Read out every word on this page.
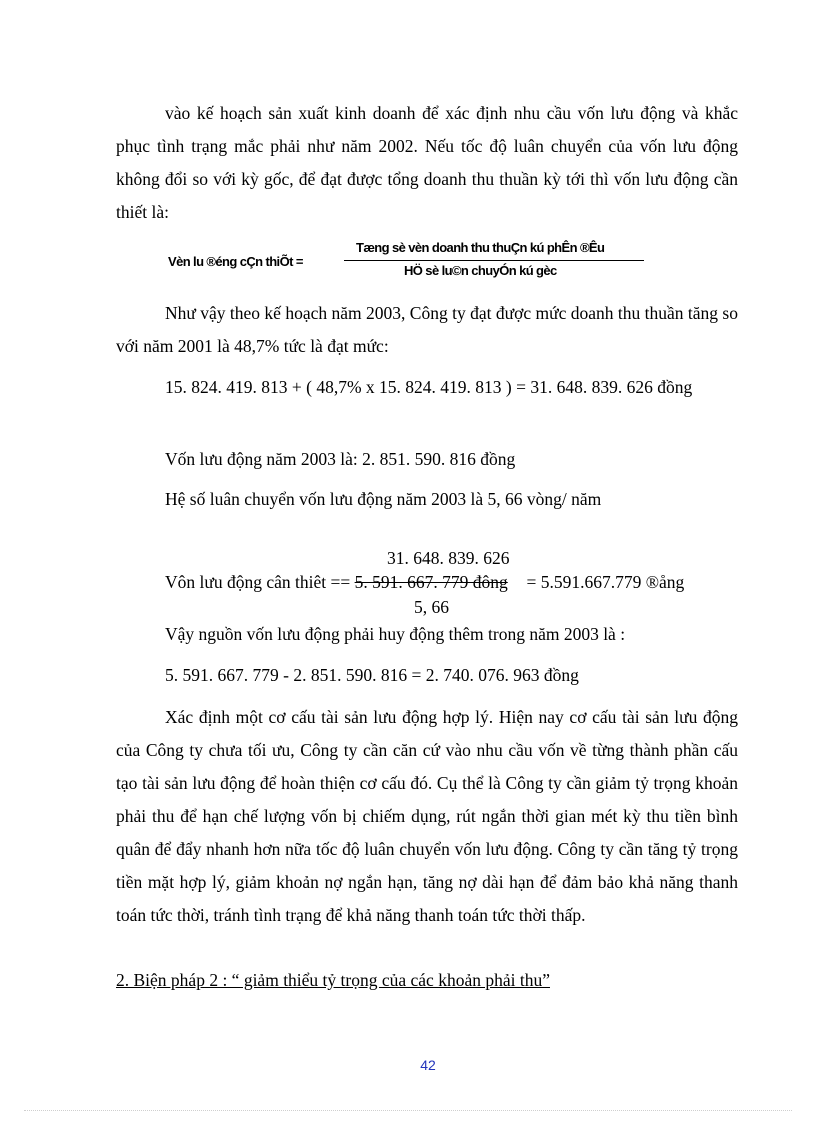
vào kế hoạch sản xuất kinh doanh để xác định nhu cầu vốn lưu động và khắc phục tình trạng mắc phải như năm 2002. Nếu tốc độ luân chuyển của vốn lưu động không đổi so với kỳ gốc, để đạt được tổng doanh thu thuần kỳ tới thì vốn lưu động cần thiết là:

Vèn lu ®éng cÇn thiÕt =
Tæng sè vèn doanh thu thuÇn kú phÊn ®Êu
HÖ sè lu©n chuyÓn kú gèc

Như vậy theo kế hoạch năm 2003, Công ty đạt được mức doanh thu thuần tăng so với năm 2001 là 48,7% tức là đạt mức:

15. 824. 419. 813 + ( 48,7% x 15. 824. 419. 813 ) = 31. 648. 839. 626 đồng

Vốn lưu động năm 2003 là: 2. 851. 590. 816 đồng

Hệ số luân chuyển vốn lưu động năm 2003 là 5, 66 vòng/ năm

31. 648. 839. 626

Vôn lưu động cân thiêt == 5. 591. 667. 779 đông = 5.591.667.779 ®ång

5, 66

Vậy nguồn vốn lưu động phải huy động thêm trong năm 2003 là :

5. 591. 667. 779 - 2. 851. 590. 816 = 2. 740. 076. 963 đồng

Xác định một cơ cấu tài sản lưu động hợp lý. Hiện nay cơ cấu tài sản lưu động của Công ty chưa tối ưu, Công ty cần căn cứ vào nhu cầu vốn về từng thành phần cấu tạo tài sản lưu động để hoàn thiện cơ cấu đó. Cụ thể là Công ty cần giảm tỷ trọng khoản phải thu để hạn chế lượng vốn bị chiếm dụng, rút ngắn thời gian mét kỳ thu tiền bình quân để đẩy nhanh hơn nữa tốc độ luân chuyển vốn lưu động. Công ty cần tăng tỷ trọng tiền mặt hợp lý, giảm khoản nợ ngắn hạn, tăng nợ dài hạn để đảm bảo khả năng thanh toán tức thời, tránh tình trạng để khả năng thanh toán tức thời thấp.

2. Biện pháp 2 : “ giảm thiểu tỷ trọng của các khoản phải thu”
42
